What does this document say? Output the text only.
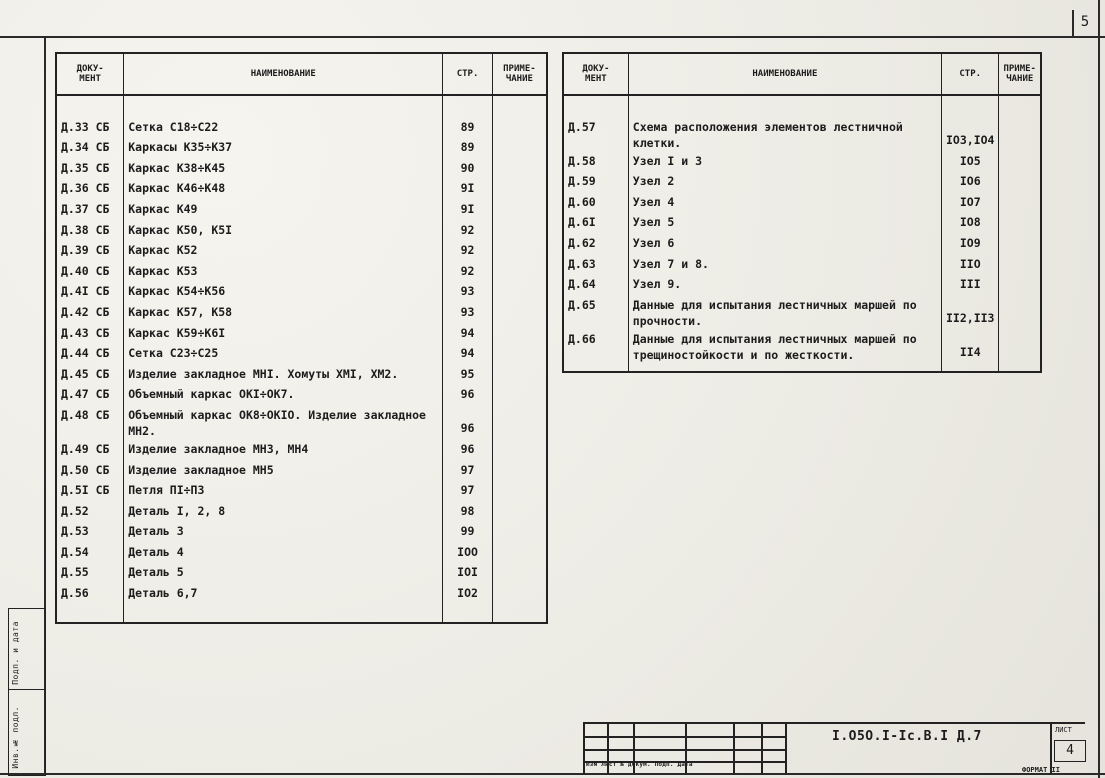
5
ДОКУ-
МЕНТ	НАИМЕНОВАНИЕ	СТР.	ПРИМЕ-
ЧАНИЕ

Д.33 СБ	Сетка С18÷С22	89	
Д.34 СБ	Каркасы К35÷К37	89	
Д.35 СБ	Каркас К38÷К45	90	
Д.36 СБ	Каркас К46÷К48	9I	
Д.37 СБ	Каркас К49	9I	
Д.38 СБ	Каркас К50, К5I	92	
Д.39 СБ	Каркас К52	92	
Д.40 СБ	Каркас К53	92	
Д.4I СБ	Каркас К54÷К56	93	
Д.42 СБ	Каркас К57, К58	93	
Д.43 СБ	Каркас К59÷К6I	94	
Д.44 СБ	Сетка С23÷С25	94	
Д.45 СБ	Изделие закладное МНI. Хомуты ХМI, ХМ2.	95	
Д.47 СБ	Объемный каркас ОКI÷ОК7.	96	
Д.48 СБ	Объемный каркас ОК8÷ОКIО. Изделие закладное МН2.	96	
Д.49 СБ	Изделие закладное МН3, МН4	96	
Д.50 СБ	Изделие закладное МН5	97	
Д.5I СБ	Петля ПI÷П3	97	
Д.52	Деталь I, 2, 8	98	
Д.53	Деталь 3	99	
Д.54	Деталь 4	IОО	
Д.55	Деталь 5	IОI	
Д.56	Деталь 6,7	IО2	

ДОКУ-
МЕНТ	НАИМЕНОВАНИЕ	СТР.	ПРИМЕ-
ЧАНИЕ

Д.57	Схема расположения элементов лестничной клетки.	IО3,IО4	
Д.58	Узел I и 3	IО5	
Д.59	Узел 2	IО6	
Д.60	Узел 4	IО7	
Д.6I	Узел 5	IО8	
Д.62	Узел 6	IО9	
Д.63	Узел 7 и 8.	IIО	
Д.64	Узел 9.	III	
Д.65	Данные для испытания лестничных маршей по прочности.	II2,II3	
Д.66	Данные для испытания лестничных маршей по трещиностойкости и по жесткости.	II4	

Подп. и дата
Инв.№ подл.	Изм Лист № докум. Подп. Дата
I.О5О.I-Iс.В.I Д.7	ЛИСТ
4
ФОРМАТ II
